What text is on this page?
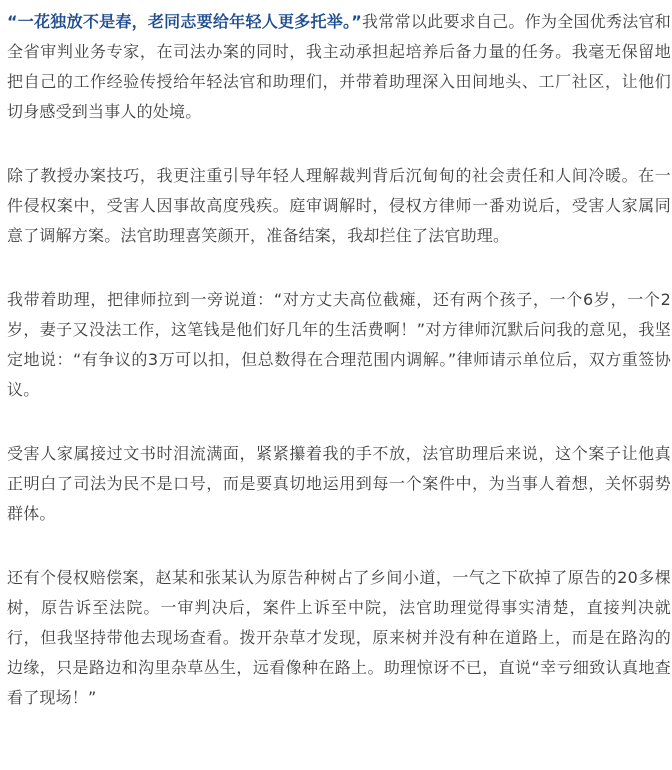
“一花独放不是春，老同志要给年轻人更多托举。”我常常以此要求自己。作为全国优秀法官和全省审判业务专家，在司法办案的同时，我主动承担起培养后备力量的任务。我毫无保留地把自己的工作经验传授给年轻法官和助理们，并带着助理深入田间地头、工厂社区，让他们切身感受到当事人的处境。

除了教授办案技巧，我更注重引导年轻人理解裁判背后沉甸甸的社会责任和人间冷暖。在一件侵权案中，受害人因事故高度残疾。庭审调解时，侵权方律师一番劝说后，受害人家属同意了调解方案。法官助理喜笑颜开，准备结案，我却拦住了法官助理。

我带着助理，把律师拉到一旁说道：“对方丈夫高位截瘫，还有两个孩子，一个6岁，一个2岁，妻子又没法工作，这笔钱是他们好几年的生活费啊！”对方律师沉默后问我的意见，我坚定地说：“有争议的3万可以扣，但总数得在合理范围内调解。”律师请示单位后，双方重签协议。

受害人家属接过文书时泪流满面，紧紧攥着我的手不放，法官助理后来说，这个案子让他真正明白了司法为民不是口号，而是要真切地运用到每一个案件中，为当事人着想，关怀弱势群体。

还有个侵权赔偿案，赵某和张某认为原告种树占了乡间小道，一气之下砍掉了原告的20多棵树，原告诉至法院。一审判决后，案件上诉至中院，法官助理觉得事实清楚，直接判决就行，但我坚持带他去现场查看。拨开杂草才发现，原来树并没有种在道路上，而是在路沟的边缘，只是路边和沟里杂草丛生，远看像种在路上。助理惊讶不已，直说“幸亏细致认真地查看了现场！”
